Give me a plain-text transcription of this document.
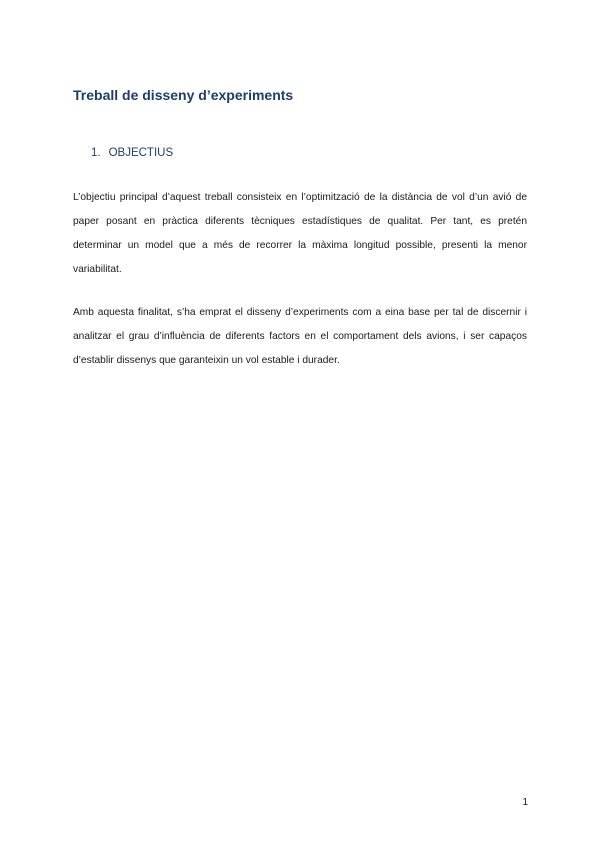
Treball de disseny d’experiments
1. OBJECTIUS

L’objectiu principal d’aquest treball consisteix en l’optimització de la distància de vol d’un avió de paper posant en pràctica diferents tècniques estadístiques de qualitat. Per tant, es pretén determinar un model que a més de recorrer la màxima longitud possible, presenti la menor variabilitat.

Amb aquesta finalitat, s’ha emprat el disseny d’experiments com a eina base per tal de discernir i analitzar el grau d’influència de diferents factors en el comportament dels avions, i ser capaços d’establir dissenys que garanteixin un vol estable i durader.

1
